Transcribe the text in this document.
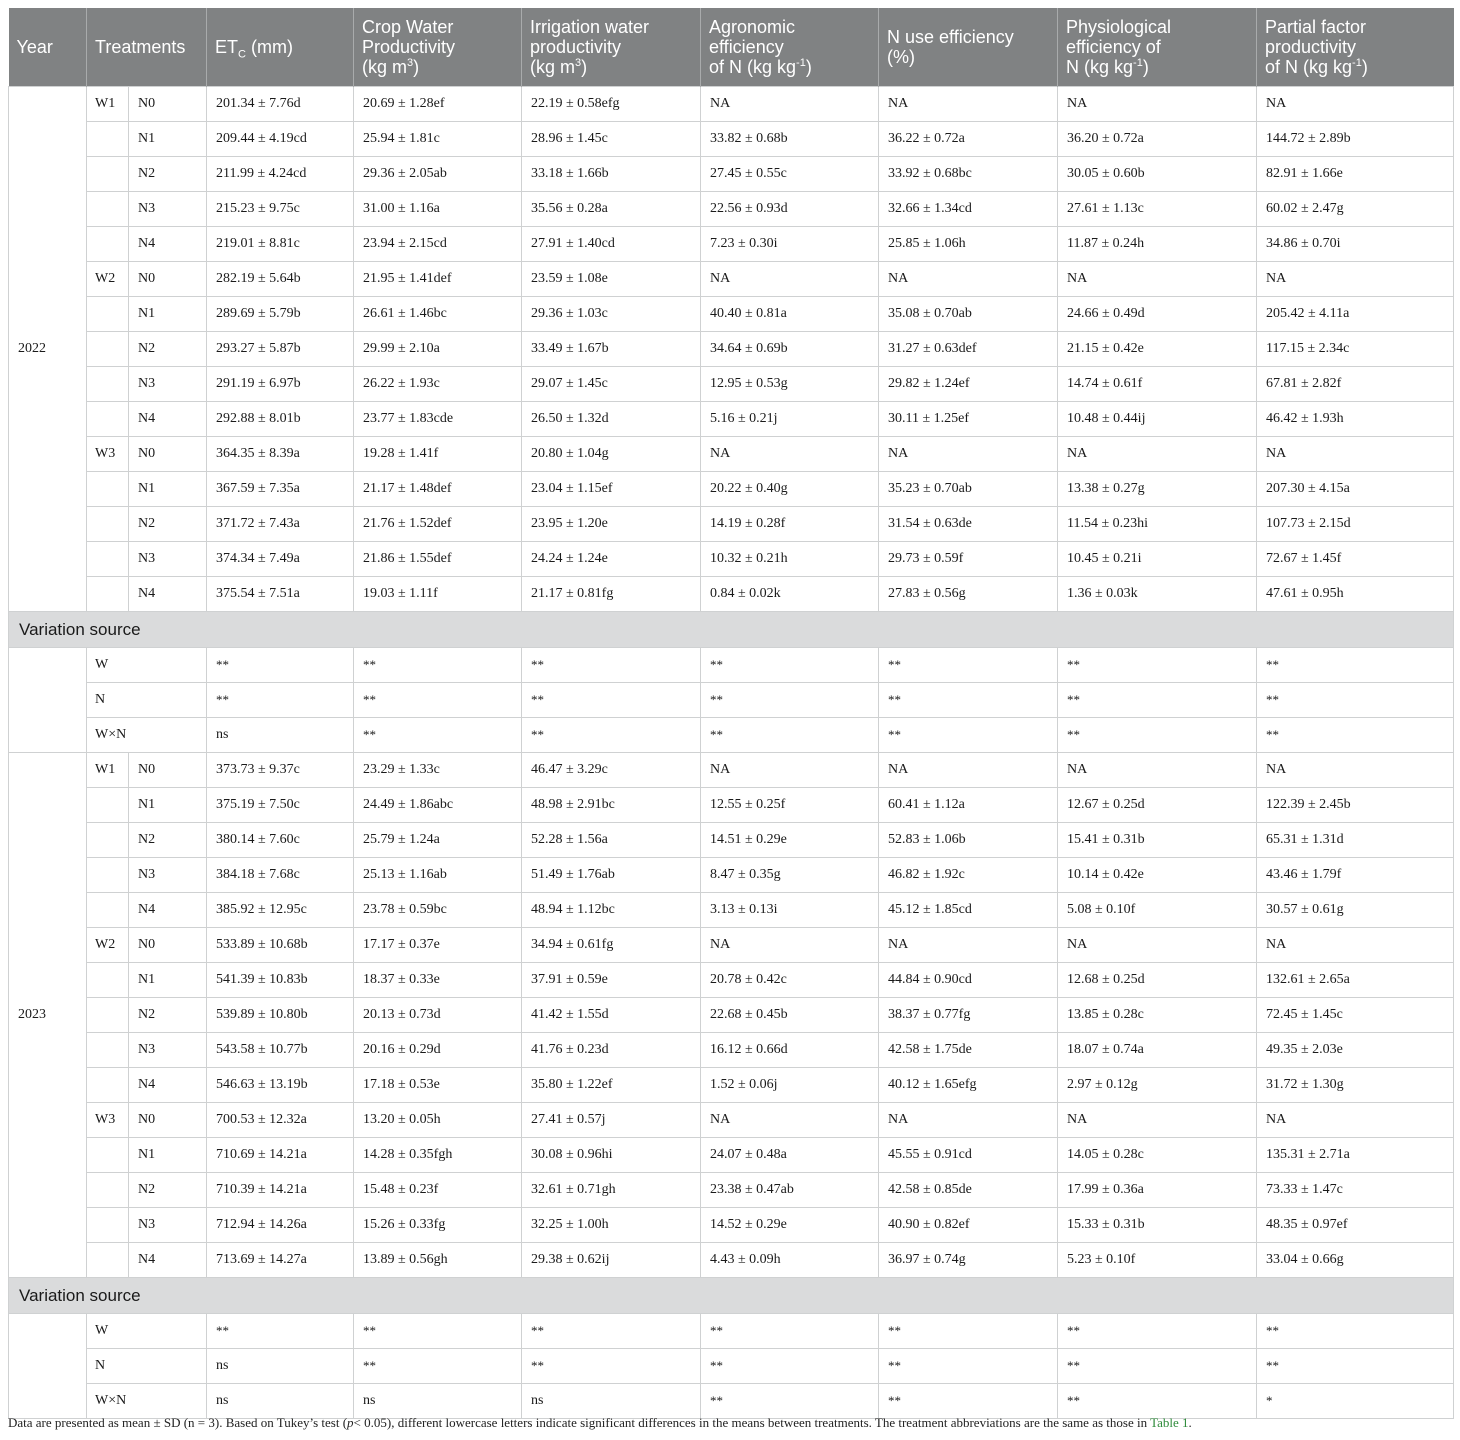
Year	Treatments		$ET_C$ (mm)	Crop Water
Productivity
(kg $m^3$)	Irrigation water
productivity
(kg $m^3$)	Agronomic
efficiency
of N (kg $kg^{-1}$)	N use efficiency
(%)	Physiological
efficiency of
N (kg $kg^{-1}$)	Partial factor
productivity
of N (kg $kg^{-1}$)
2022	W1	N0	201.34 ± 7.76d	20.69 ± 1.28ef	22.19 ± 0.58efg	NA	NA	NA	NA
		N1	209.44 ± 4.19cd	25.94 ± 1.81c	28.96 ± 1.45c	33.82 ± 0.68b	36.22 ± 0.72a	36.20 ± 0.72a	144.72 ± 2.89b
		N2	211.99 ± 4.24cd	29.36 ± 2.05ab	33.18 ± 1.66b	27.45 ± 0.55c	33.92 ± 0.68bc	30.05 ± 0.60b	82.91 ± 1.66e
		N3	215.23 ± 9.75c	31.00 ± 1.16a	35.56 ± 0.28a	22.56 ± 0.93d	32.66 ± 1.34cd	27.61 ± 1.13c	60.02 ± 2.47g
		N4	219.01 ± 8.81c	23.94 ± 2.15cd	27.91 ± 1.40cd	7.23 ± 0.30i	25.85 ± 1.06h	11.87 ± 0.24h	34.86 ± 0.70i
	W2	N0	282.19 ± 5.64b	21.95 ± 1.41def	23.59 ± 1.08e	NA	NA	NA	NA
		N1	289.69 ± 5.79b	26.61 ± 1.46bc	29.36 ± 1.03c	40.40 ± 0.81a	35.08 ± 0.70ab	24.66 ± 0.49d	205.42 ± 4.11a
		N2	293.27 ± 5.87b	29.99 ± 2.10a	33.49 ± 1.67b	34.64 ± 0.69b	31.27 ± 0.63def	21.15 ± 0.42e	117.15 ± 2.34c
		N3	291.19 ± 6.97b	26.22 ± 1.93c	29.07 ± 1.45c	12.95 ± 0.53g	29.82 ± 1.24ef	14.74 ± 0.61f	67.81 ± 2.82f
		N4	292.88 ± 8.01b	23.77 ± 1.83cde	26.50 ± 1.32d	5.16 ± 0.21j	30.11 ± 1.25ef	10.48 ± 0.44ij	46.42 ± 1.93h
	W3	N0	364.35 ± 8.39a	19.28 ± 1.41f	20.80 ± 1.04g	NA	NA	NA	NA
		N1	367.59 ± 7.35a	21.17 ± 1.48def	23.04 ± 1.15ef	20.22 ± 0.40g	35.23 ± 0.70ab	13.38 ± 0.27g	207.30 ± 4.15a
		N2	371.72 ± 7.43a	21.76 ± 1.52def	23.95 ± 1.20e	14.19 ± 0.28f	31.54 ± 0.63de	11.54 ± 0.23hi	107.73 ± 2.15d
		N3	374.34 ± 7.49a	21.86 ± 1.55def	24.24 ± 1.24e	10.32 ± 0.21h	29.73 ± 0.59f	10.45 ± 0.21i	72.67 ± 1.45f
		N4	375.54 ± 7.51a	19.03 ± 1.11f	21.17 ± 0.81fg	0.84 ± 0.02k	27.83 ± 0.56g	1.36 ± 0.03k	47.61 ± 0.95h
Variation source									
	W		**	**	**	**	**	**	**
	N		**	**	**	**	**	**	**
	W×N		ns	**	**	**	**	**	**
2023	W1	N0	373.73 ± 9.37c	23.29 ± 1.33c	46.47 ± 3.29c	NA	NA	NA	NA
		N1	375.19 ± 7.50c	24.49 ± 1.86abc	48.98 ± 2.91bc	12.55 ± 0.25f	60.41 ± 1.12a	12.67 ± 0.25d	122.39 ± 2.45b
		N2	380.14 ± 7.60c	25.79 ± 1.24a	52.28 ± 1.56a	14.51 ± 0.29e	52.83 ± 1.06b	15.41 ± 0.31b	65.31 ± 1.31d
		N3	384.18 ± 7.68c	25.13 ± 1.16ab	51.49 ± 1.76ab	8.47 ± 0.35g	46.82 ± 1.92c	10.14 ± 0.42e	43.46 ± 1.79f
		N4	385.92 ± 12.95c	23.78 ± 0.59bc	48.94 ± 1.12bc	3.13 ± 0.13i	45.12 ± 1.85cd	5.08 ± 0.10f	30.57 ± 0.61g
	W2	N0	533.89 ± 10.68b	17.17 ± 0.37e	34.94 ± 0.61fg	NA	NA	NA	NA
		N1	541.39 ± 10.83b	18.37 ± 0.33e	37.91 ± 0.59e	20.78 ± 0.42c	44.84 ± 0.90cd	12.68 ± 0.25d	132.61 ± 2.65a
		N2	539.89 ± 10.80b	20.13 ± 0.73d	41.42 ± 1.55d	22.68 ± 0.45b	38.37 ± 0.77fg	13.85 ± 0.28c	72.45 ± 1.45c
		N3	543.58 ± 10.77b	20.16 ± 0.29d	41.76 ± 0.23d	16.12 ± 0.66d	42.58 ± 1.75de	18.07 ± 0.74a	49.35 ± 2.03e
		N4	546.63 ± 13.19b	17.18 ± 0.53e	35.80 ± 1.22ef	1.52 ± 0.06j	40.12 ± 1.65efg	2.97 ± 0.12g	31.72 ± 1.30g
	W3	N0	700.53 ± 12.32a	13.20 ± 0.05h	27.41 ± 0.57j	NA	NA	NA	NA
		N1	710.69 ± 14.21a	14.28 ± 0.35fgh	30.08 ± 0.96hi	24.07 ± 0.48a	45.55 ± 0.91cd	14.05 ± 0.28c	135.31 ± 2.71a
		N2	710.39 ± 14.21a	15.48 ± 0.23f	32.61 ± 0.71gh	23.38 ± 0.47ab	42.58 ± 0.85de	17.99 ± 0.36a	73.33 ± 1.47c
		N3	712.94 ± 14.26a	15.26 ± 0.33fg	32.25 ± 1.00h	14.52 ± 0.29e	40.90 ± 0.82ef	15.33 ± 0.31b	48.35 ± 0.97ef
		N4	713.69 ± 14.27a	13.89 ± 0.56gh	29.38 ± 0.62ij	4.43 ± 0.09h	36.97 ± 0.74g	5.23 ± 0.10f	33.04 ± 0.66g
Variation source									
	W		**	**	**	**	**	**	**
	N		ns	**	**	**	**	**	**
	W×N		ns	ns	ns	**	**	**	*
Data are presented as mean ± SD (n = 3). Based on Tukey’s test (p< 0.05), different lowercase letters indicate significant differences in the means between treatments. The treatment abbreviations are the same as those in Table 1.
